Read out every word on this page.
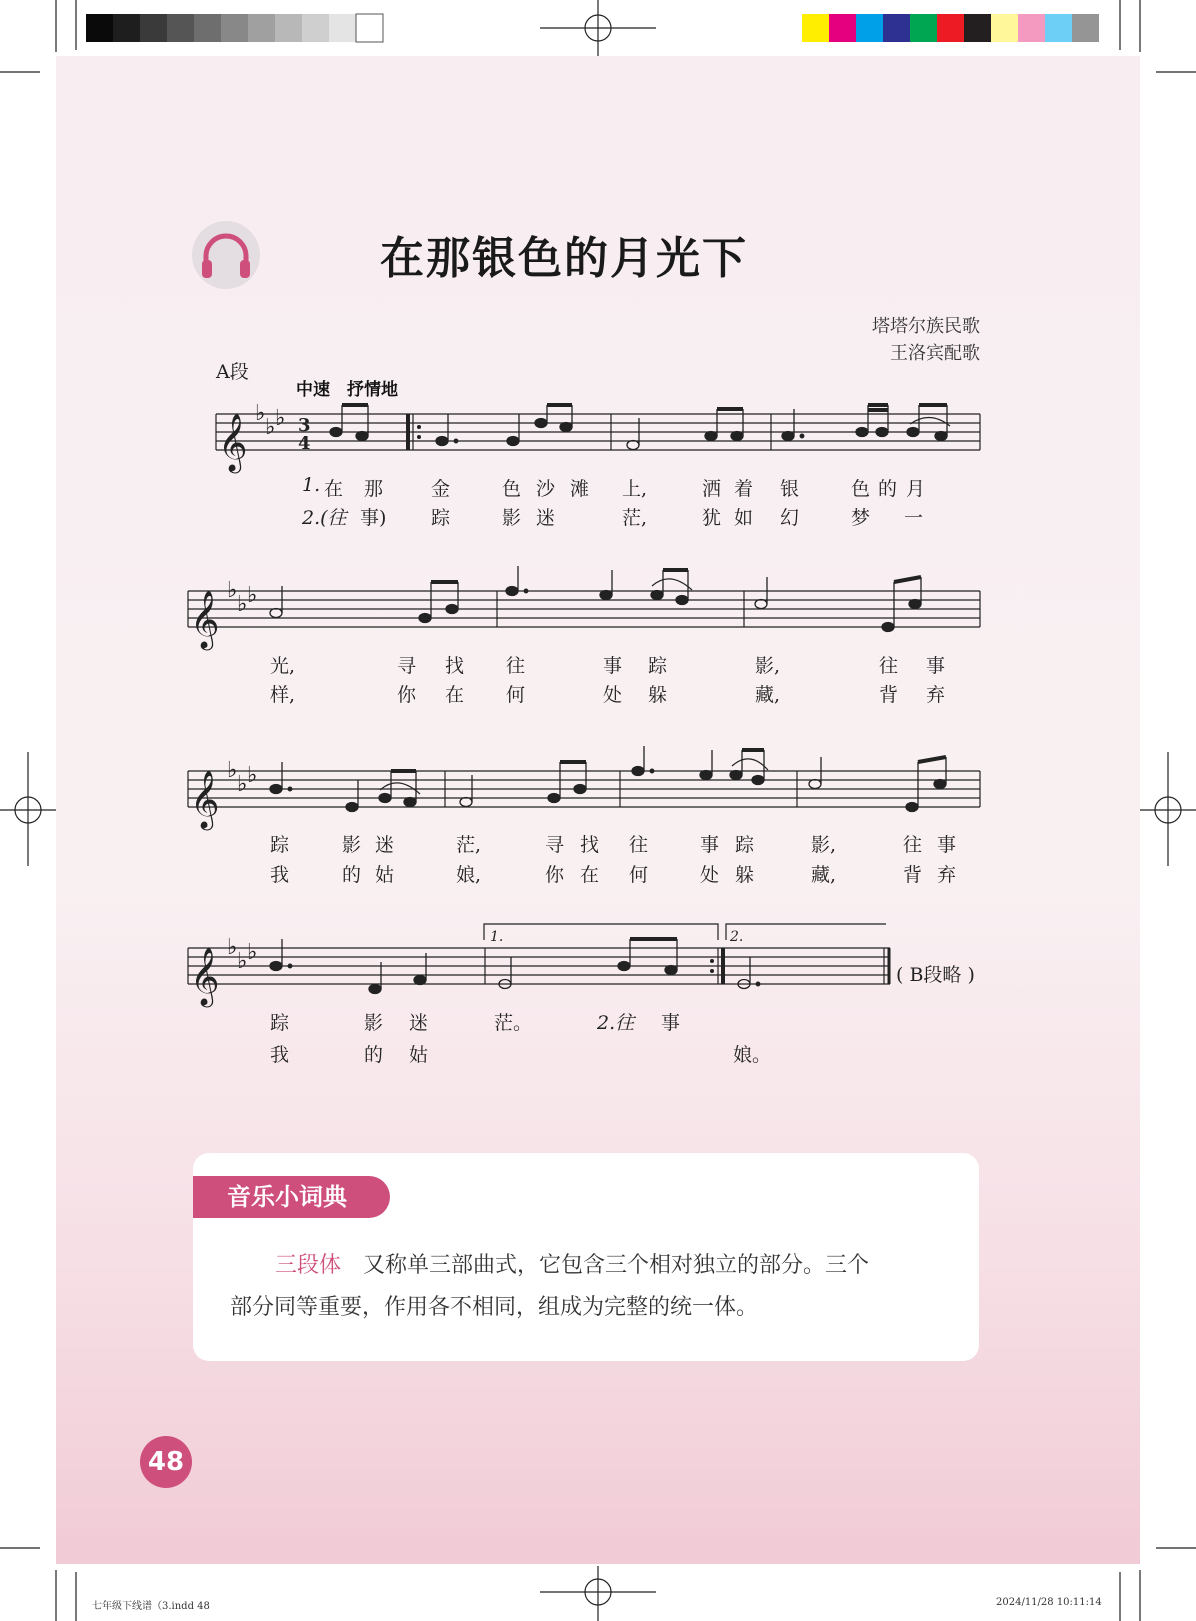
𝄞 ♭
♭ ♭ 3
4
𝄞 ♭
♭ ♭
𝄞 ♭
♭ ♭
1.	2.
𝄞 ♭
♭ ♭
在那银色的月光下
塔塔尔族民歌
王洛宾配歌
A段
中速　抒情地
1. 在 那	金	色 沙 滩 上,	洒 着 银	色 的 月
2.(往 事) 踪	影 迷	茫,	犹 如 幻	梦 一
光,	寻 找 往	事 踪	影,	往 事
样,	你 在 何	处 躲	藏,	背 弃
踪	影 迷	茫,	寻 找 往	事 踪	影,	往 事
我	的 姑	娘,	你 在 何	处 躲	藏,	背 弃
( B段略 )
踪	影 迷	茫。	2.往 事
我	的 姑	娘。
音乐小词典
三段体　又称单三部曲式，它包含三个相对独立的部分。三个
部分同等重要，作用各不相同，组成为完整的统一体。
48
七年级下线谱（3.indd 48	2024/11/28 10:11:14
